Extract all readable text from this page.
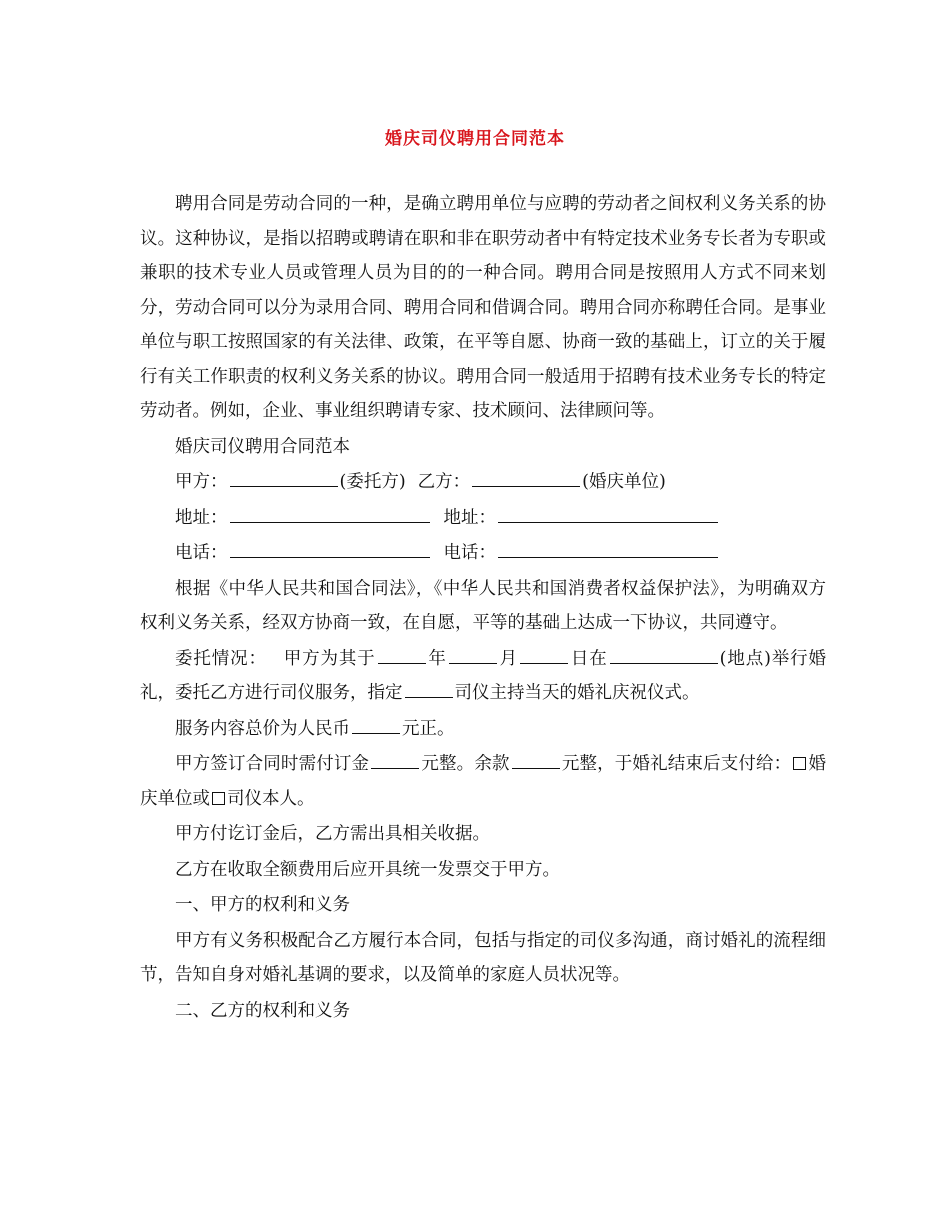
婚庆司仪聘用合同范本

聘用合同是劳动合同的一种，是确立聘用单位与应聘的劳动者之间权利义务关系的协议。这种协议，是指以招聘或聘请在职和非在职劳动者中有特定技术业务专长者为专职或兼职的技术专业人员或管理人员为目的的一种合同。聘用合同是按照用人方式不同来划分，劳动合同可以分为录用合同、聘用合同和借调合同。聘用合同亦称聘任合同。是事业单位与职工按照国家的有关法律、政策，在平等自愿、协商一致的基础上，订立的关于履行有关工作职责的权利义务关系的协议。聘用合同一般适用于招聘有技术业务专长的特定劳动者。例如，企业、事业组织聘请专家、技术顾问、法律顾问等。

婚庆司仪聘用合同范本

甲方：	(委托方) 乙方：	(婚庆单位)

地址：	地址：

电话：	电话：

根据《中华人民共和国合同法》，《中华人民共和国消费者权益保护法》，为明确双方权利义务关系，经双方协商一致，在自愿，平等的基础上达成一下协议，共同遵守。

委托情况： 甲方为其于	年	月	日在	(地点)举行婚礼，委托乙方进行司仪服务，指定	司仪主持当天的婚礼庆祝仪式。

服务内容总价为人民币	元正。

甲方签订合同时需付订金	元整。余款	元整，于婚礼结束后支付给： 婚庆单位或 司仪本人。

甲方付讫订金后，乙方需出具相关收据。

乙方在收取全额费用后应开具统一发票交于甲方。

一、甲方的权利和义务

甲方有义务积极配合乙方履行本合同，包括与指定的司仪多沟通，商讨婚礼的流程细节，告知自身对婚礼基调的要求，以及简单的家庭人员状况等。

二、乙方的权利和义务
